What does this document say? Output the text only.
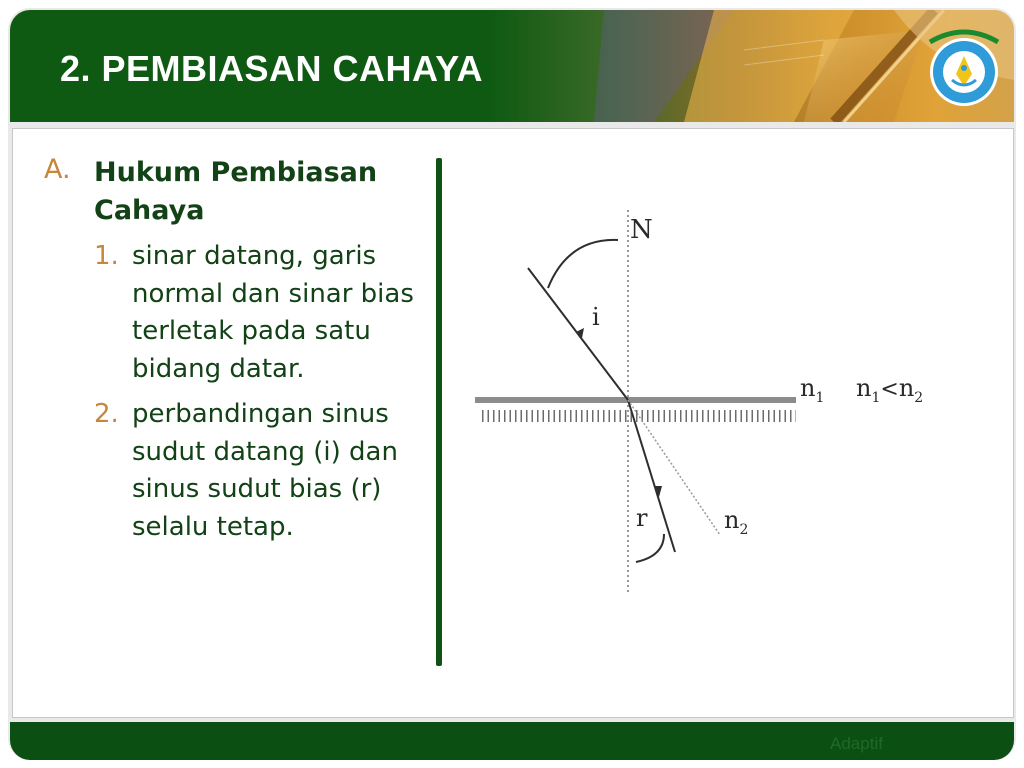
2. PEMBIASAN CAHAYA
A. Hukum Pembiasan Cahaya
1. sinar datang, garis normal dan sinar bias terletak pada satu bidang datar.
2. perbandingan sinus sudut datang (i) dan sinus sudut bias (r) selalu tetap.
N
i
r
$n_1$ $n_1<n_2$
$n_2$
Adaptif
